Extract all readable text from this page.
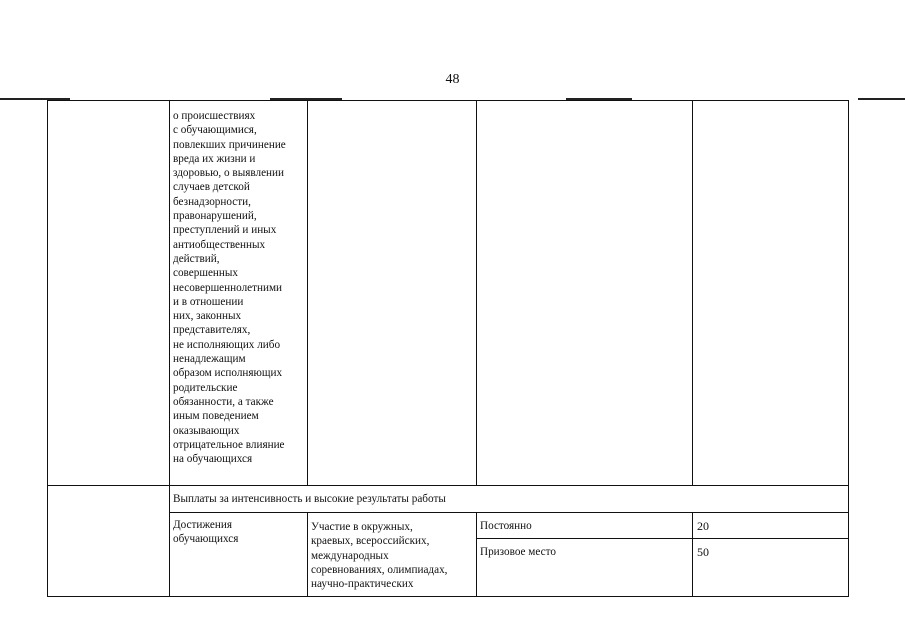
48
о происшествиях
с обучающимися,
повлекших причинение
вреда их жизни и
здоровью, о выявлении
случаев детской
безнадзорности,
правонарушений,
преступлений и иных
антиобщественных
действий,
совершенных
несовершеннолетними
и в отношении
них, законных
представителях,
не исполняющих либо
ненадлежащим
образом исполняющих
родительские
обязанности, а также
иным поведением
оказывающих
отрицательное влияние
на обучающихся
Выплаты за интенсивность и высокие результаты работы
Достижения
обучающихся
Участие в окружных,
краевых, всероссийских,
международных
соревнованиях, олимпиадах,
научно-практических
Постоянно	20
Призовое место	50
